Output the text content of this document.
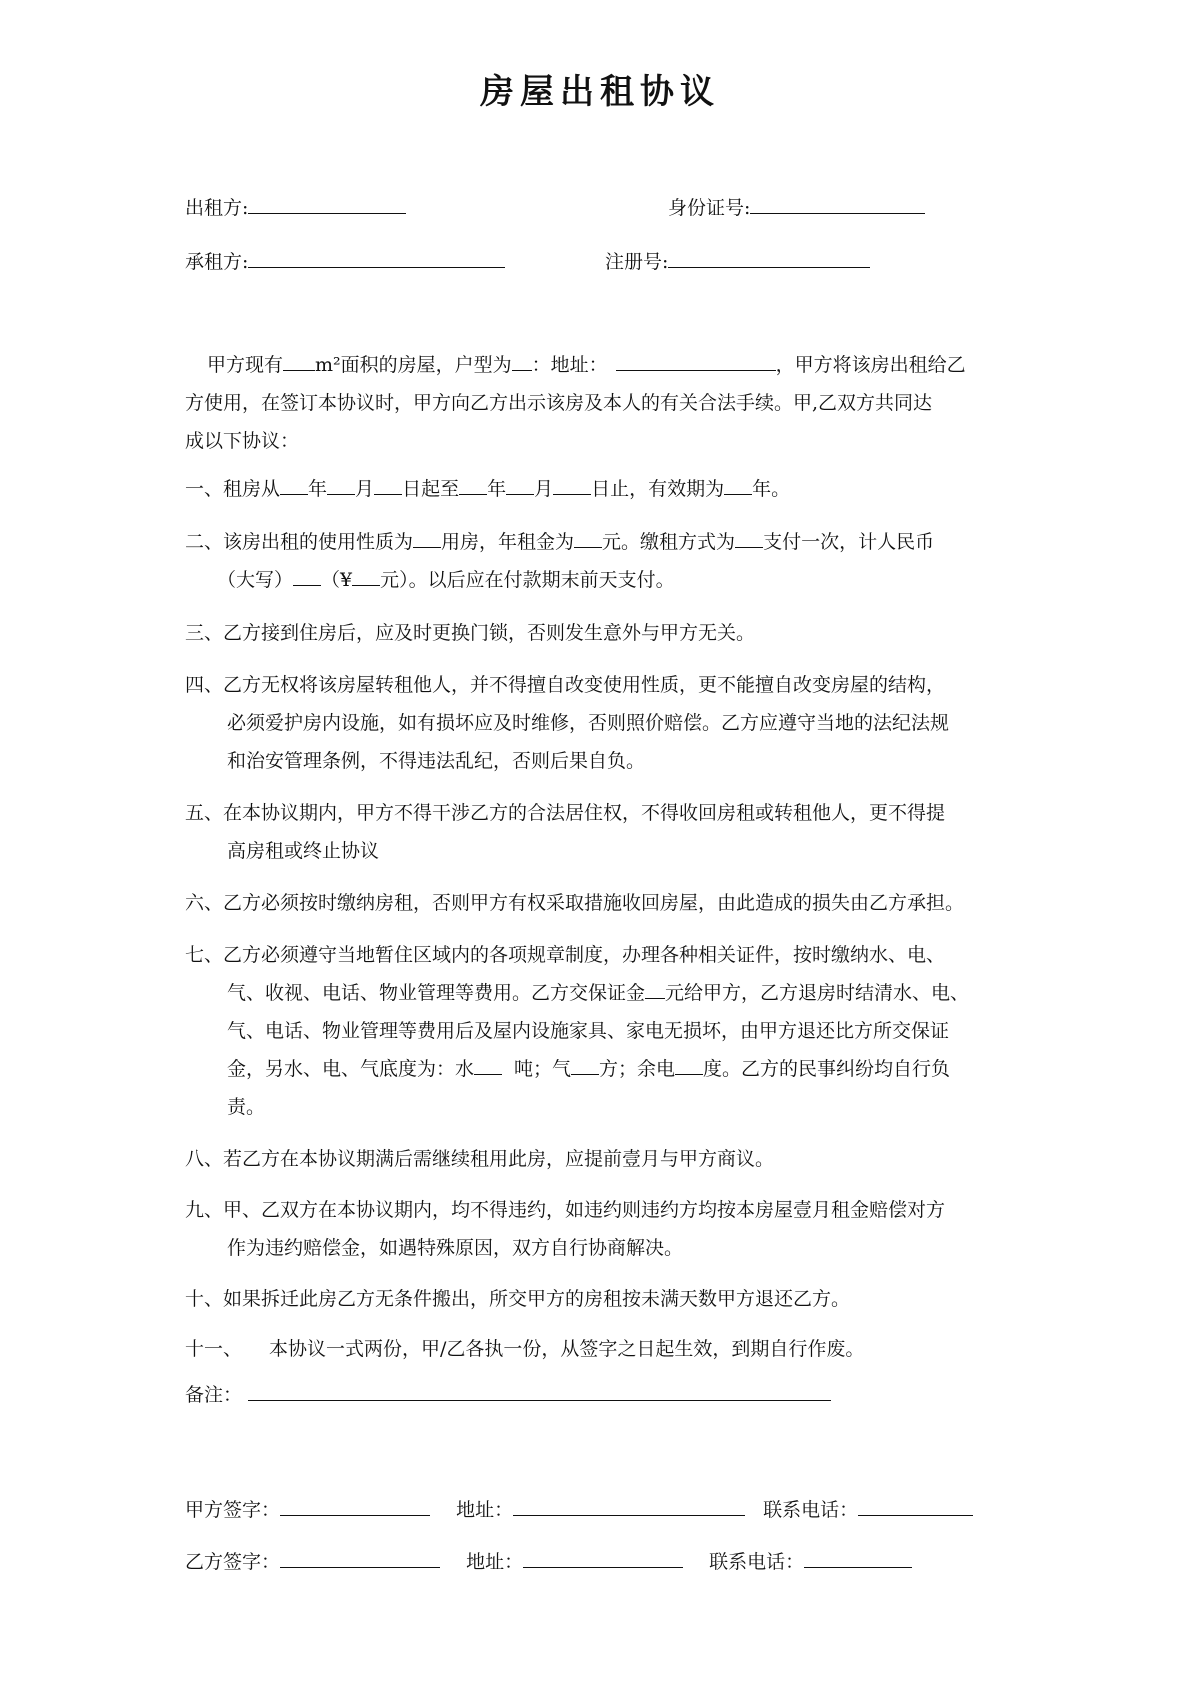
房屋出租协议
出租方:	身份证号:
承租方:	注册号:
甲方现有 m²面积的房屋，户型为 ：地址：	，甲方将该房出租给乙
方使用，在签订本协议时，甲方向乙方出示该房及本人的有关合法手续。甲,乙双方共同达
成以下协议：
一、租房从 年 月 日起至 年 月 日止，有效期为 年。
二、该房出租的使用性质为 用房，年租金为 元。缴租方式为 支付一次，计人民币
（大写） （¥ 元）。以后应在付款期末前天支付。
三、乙方接到住房后，应及时更换门锁，否则发生意外与甲方无关。
四、乙方无权将该房屋转租他人，并不得擅自改变使用性质，更不能擅自改变房屋的结构，
必须爱护房内设施，如有损坏应及时维修，否则照价赔偿。乙方应遵守当地的法纪法规
和治安管理条例，不得违法乱纪，否则后果自负。
五、在本协议期内，甲方不得干涉乙方的合法居住权，不得收回房租或转租他人，更不得提
高房租或终止协议
六、乙方必须按时缴纳房租，否则甲方有权采取措施收回房屋，由此造成的损失由乙方承担。
七、乙方必须遵守当地暂住区域内的各项规章制度，办理各种相关证件，按时缴纳水、电、
气、收视、电话、物业管理等费用。乙方交保证金 元给甲方，乙方退房时结清水、电、
气、电话、物业管理等费用后及屋内设施家具、家电无损坏，由甲方退还比方所交保证
金，另水、电、气底度为：水 吨；气 方；余电 度。乙方的民事纠纷均自行负
责。
八、若乙方在本协议期满后需继续租用此房，应提前壹月与甲方商议。
九、甲、乙双方在本协议期内，均不得违约，如违约则违约方均按本房屋壹月租金赔偿对方
作为违约赔偿金，如遇特殊原因，双方自行协商解决。
十、如果拆迁此房乙方无条件搬出，所交甲方的房租按未满天数甲方退还乙方。
十一、 本协议一式两份，甲/乙各执一份，从签字之日起生效，到期自行作废。
备注：
甲方签字：	地址：	联系电话：
乙方签字：	地址：	联系电话：
